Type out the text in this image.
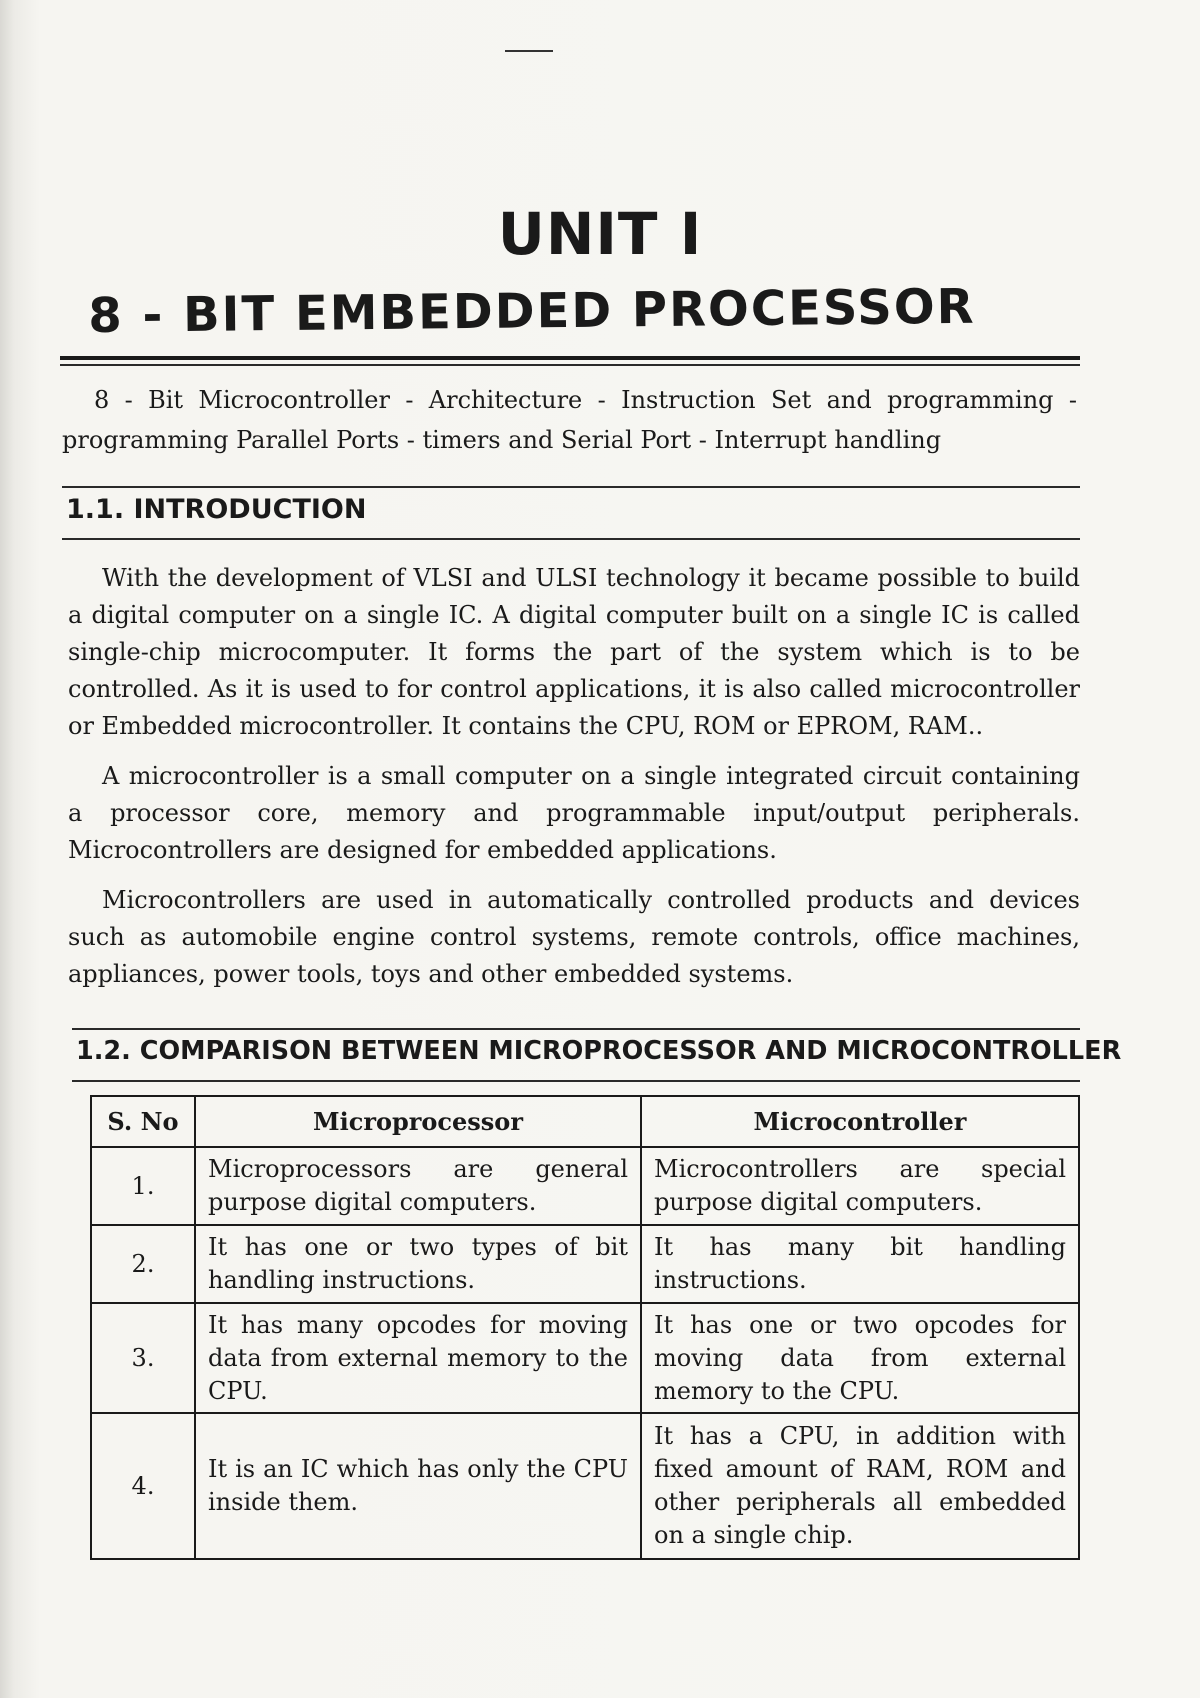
UNIT I
8 - BIT EMBEDDED PROCESSOR
8 - Bit Microcontroller - Architecture - Instruction Set and programming - programming Parallel Ports - timers and Serial Port - Interrupt handling
1.1. INTRODUCTION
With the development of VLSI and ULSI technology it became possible to build a digital computer on a single IC. A digital computer built on a single IC is called single-chip microcomputer. It forms the part of the system which is to be controlled. As it is used to for control applications, it is also called microcontroller or Embedded microcontroller. It contains the CPU, ROM or EPROM, RAM..
A microcontroller is a small computer on a single integrated circuit containing a processor core, memory and programmable input/output peripherals. Microcontrollers are designed for embedded applications.
Microcontrollers are used in automatically controlled products and devices such as automobile engine control systems, remote controls, office machines, appliances, power tools, toys and other embedded systems.
1.2. COMPARISON BETWEEN MICROPROCESSOR AND MICROCONTROLLER
S. No	Microprocessor	Microcontroller
1.	Microprocessors are general purpose digital computers.	Microcontrollers are special purpose digital computers.
2.	It has one or two types of bit handling instructions.	It has many bit handling instructions.
3.	It has many opcodes for moving data from external memory to the CPU.	It has one or two opcodes for moving data from external memory to the CPU.
4.	It is an IC which has only the CPU inside them.	It has a CPU, in addition with fixed amount of RAM, ROM and other peripherals all embedded on a single chip.
